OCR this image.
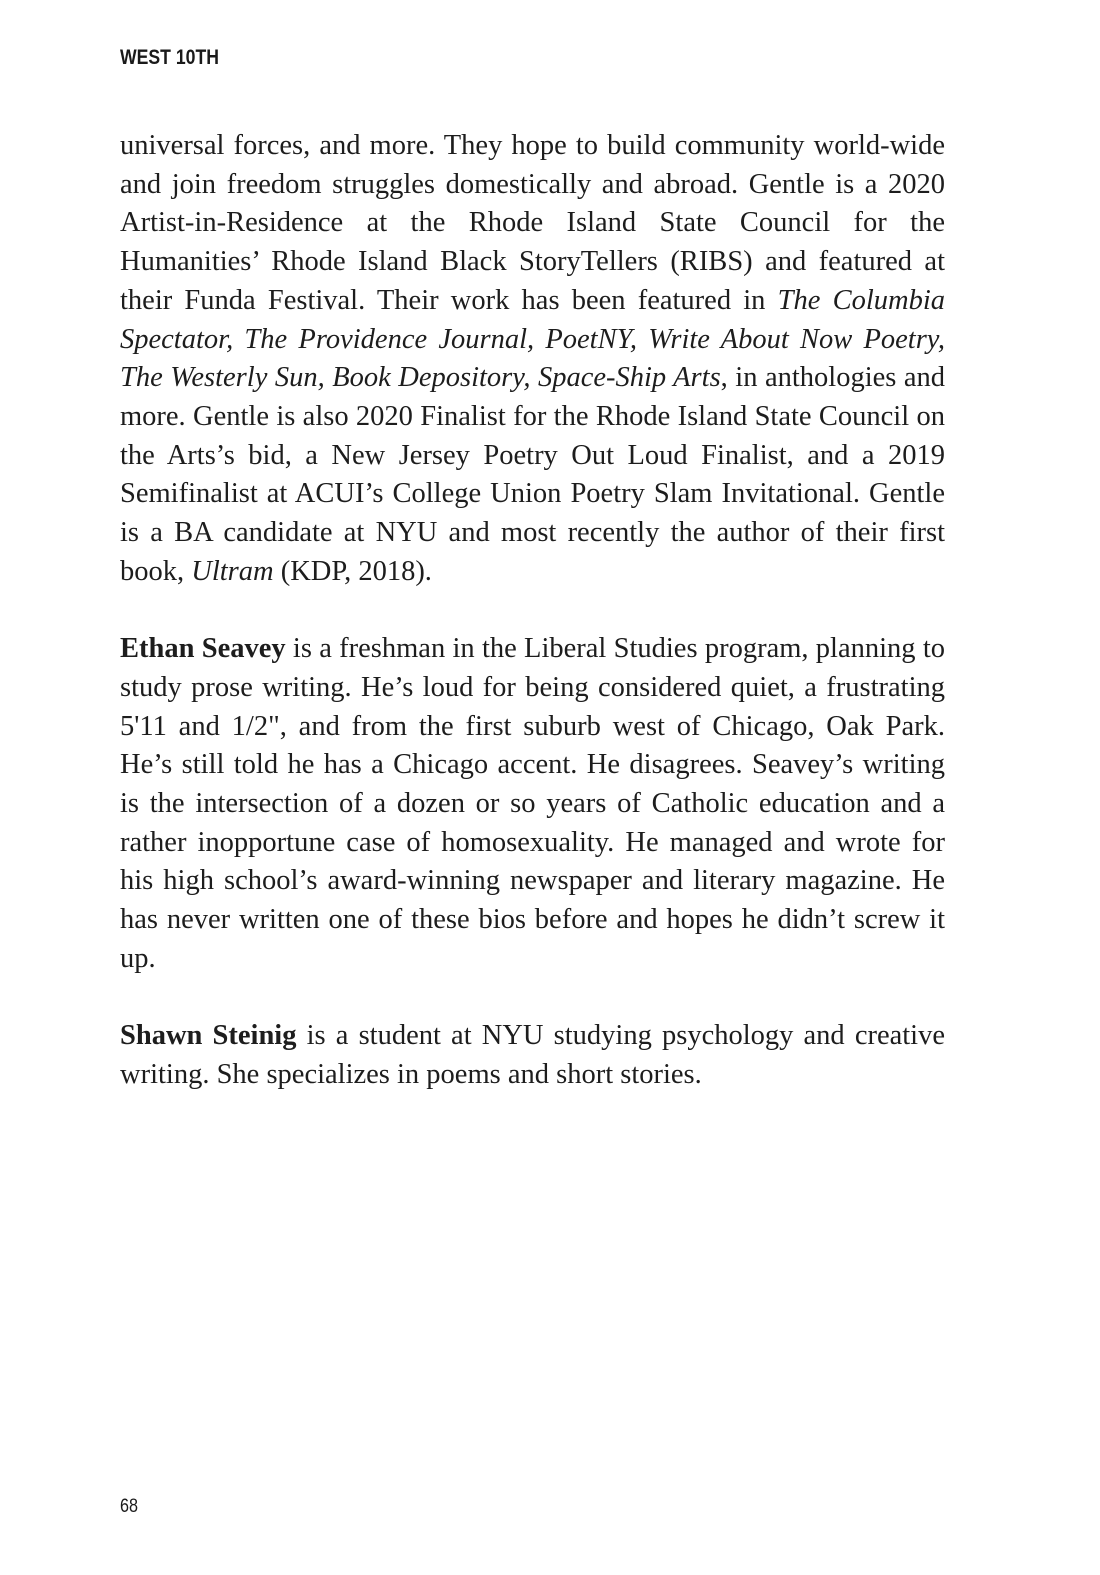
WEST 10TH

universal forces, and more. They hope to build community world-wide and join freedom struggles domestically and abroad. Gentle is a 2020 Artist-in-Residence at the Rhode Island State Council for the Humanities’ Rhode Island Black StoryTellers (RIBS) and featured at their Funda Festival. Their work has been featured in The Columbia Spectator, The Providence Journal, PoetNY, Write About Now Poetry, The Westerly Sun, Book Depository, Space-Ship Arts, in anthologies and more. Gentle is also 2020 Finalist for the Rhode Island State Council on the Arts’s bid, a New Jersey Poetry Out Loud Finalist, and a 2019 Semifinalist at ACUI’s College Union Poetry Slam Invitational. Gentle is a BA candidate at NYU and most recently the author of their first book, Ultram (KDP, 2018).

Ethan Seavey is a freshman in the Liberal Studies program, planning to study prose writing. He’s loud for being considered quiet, a frustrating 5'11 and 1/2", and from the first suburb west of Chicago, Oak Park. He’s still told he has a Chicago accent. He disagrees. Seavey’s writing is the intersection of a dozen or so years of Catholic education and a rather inopportune case of homosexuality. He managed and wrote for his high school’s award-winning newspaper and literary magazine. He has never written one of these bios before and hopes he didn’t screw it up.

Shawn Steinig is a student at NYU studying psychology and creative writing. She specializes in poems and short stories.

68
